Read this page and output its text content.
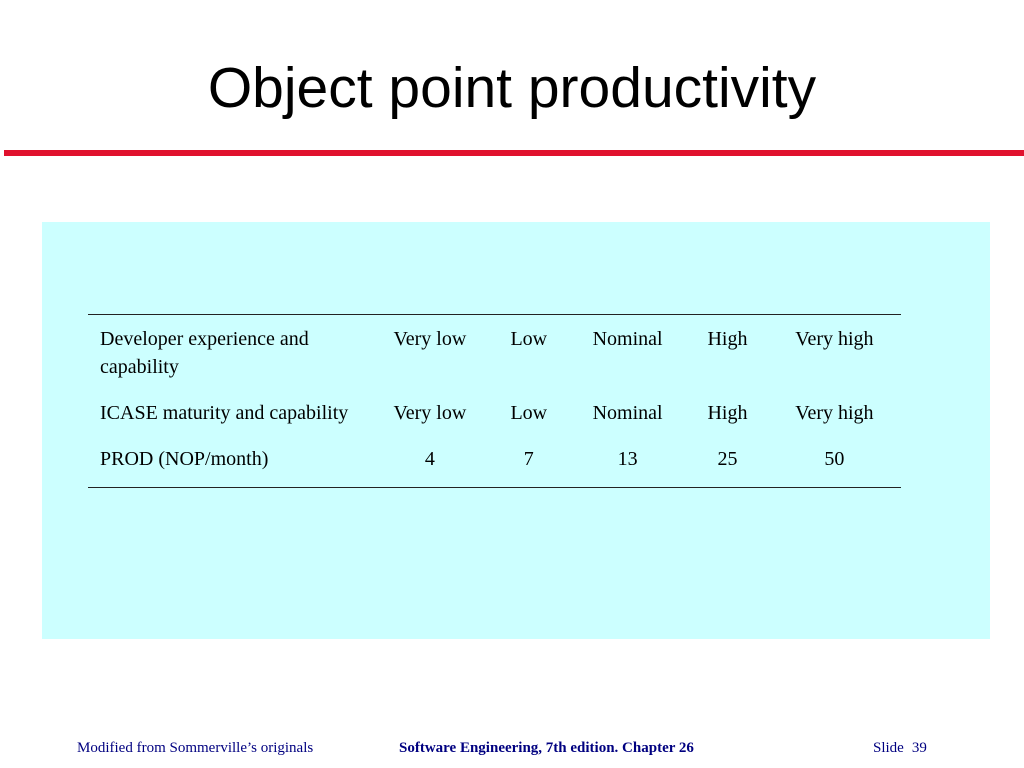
Object point productivity

Developer experience and capability	Very low	Low	Nominal	High	Very high
ICASE maturity and capability	Very low	Low	Nominal	High	Very high
PROD (NOP/month)	4	7	13	25	50
Modified from Sommerville’s originals	Software Engineering, 7th edition. Chapter 26	Slide 39
